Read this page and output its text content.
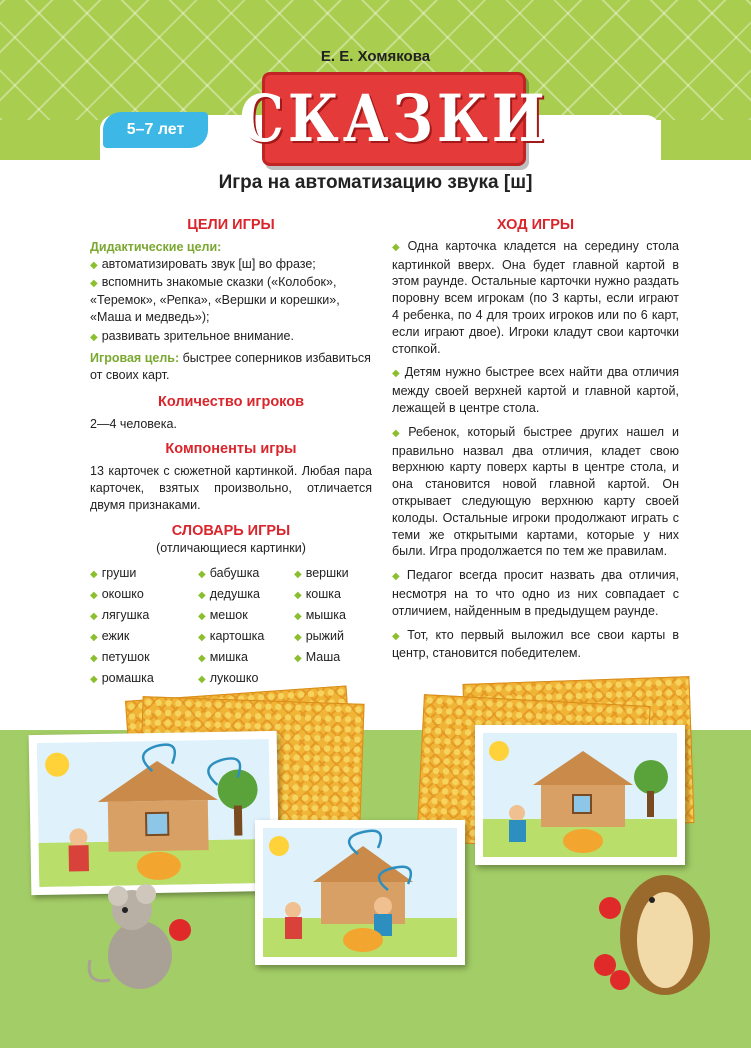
Е. Е. Хомякова
СКАЗКИ
5–7 лет
Игра на автоматизацию звука [ш]
ЦЕЛИ ИГРЫ
Дидактические цели:
◆ автоматизировать звук [ш] во фразе;
◆ вспомнить знакомые сказки («Колобок», «Теремок», «Репка», «Вершки и корешки», «Маша и медведь»);
◆ развивать зрительное внимание.
Игровая цель: быстрее соперников избавиться от своих карт.
Количество игроков
2—4 человека.
Компоненты игры
13 карточек с сюжетной картинкой. Любая пара карточек, взятых произвольно, отличается двумя признаками.
СЛОВАРЬ ИГРЫ
(отличающиеся картинки)
◆ груши	◆ бабушка	◆ вершки
◆ окошко	◆ дедушка	◆ кошка
◆ лягушка	◆ мешок	◆ мышка
◆ ежик	◆ картошка	◆ рыжий
◆ петушок	◆ мишка	◆ Маша
◆ ромашка	◆ лукошко
ХОД ИГРЫ
◆ Одна карточка кладется на середину стола картинкой вверх. Она будет главной картой в этом раунде. Остальные карточки нужно раздать поровну всем игрокам (по 3 карты, если играют 4 ребенка, по 4 для троих игроков или по 6 карт, если играют двое). Игроки кладут свои карточки стопкой.
◆ Детям нужно быстрее всех найти два отличия между своей верхней картой и главной картой, лежащей в центре стола.
◆ Ребенок, который быстрее других нашел и правильно назвал два отличия, кладет свою верхнюю карту поверх карты в центре стола, и она становится новой главной картой. Он открывает следующую верхнюю карту своей колоды. Остальные игроки продолжают играть с теми же открытыми картами, которые у них были. Игра продолжается по тем же правилам.
◆ Педагог всегда просит назвать два отличия, несмотря на то что одно из них совпадает с отличием, найденным в предыдущем раунде.
◆ Тот, кто первый выложил все свои карты в центр, становится победителем.
